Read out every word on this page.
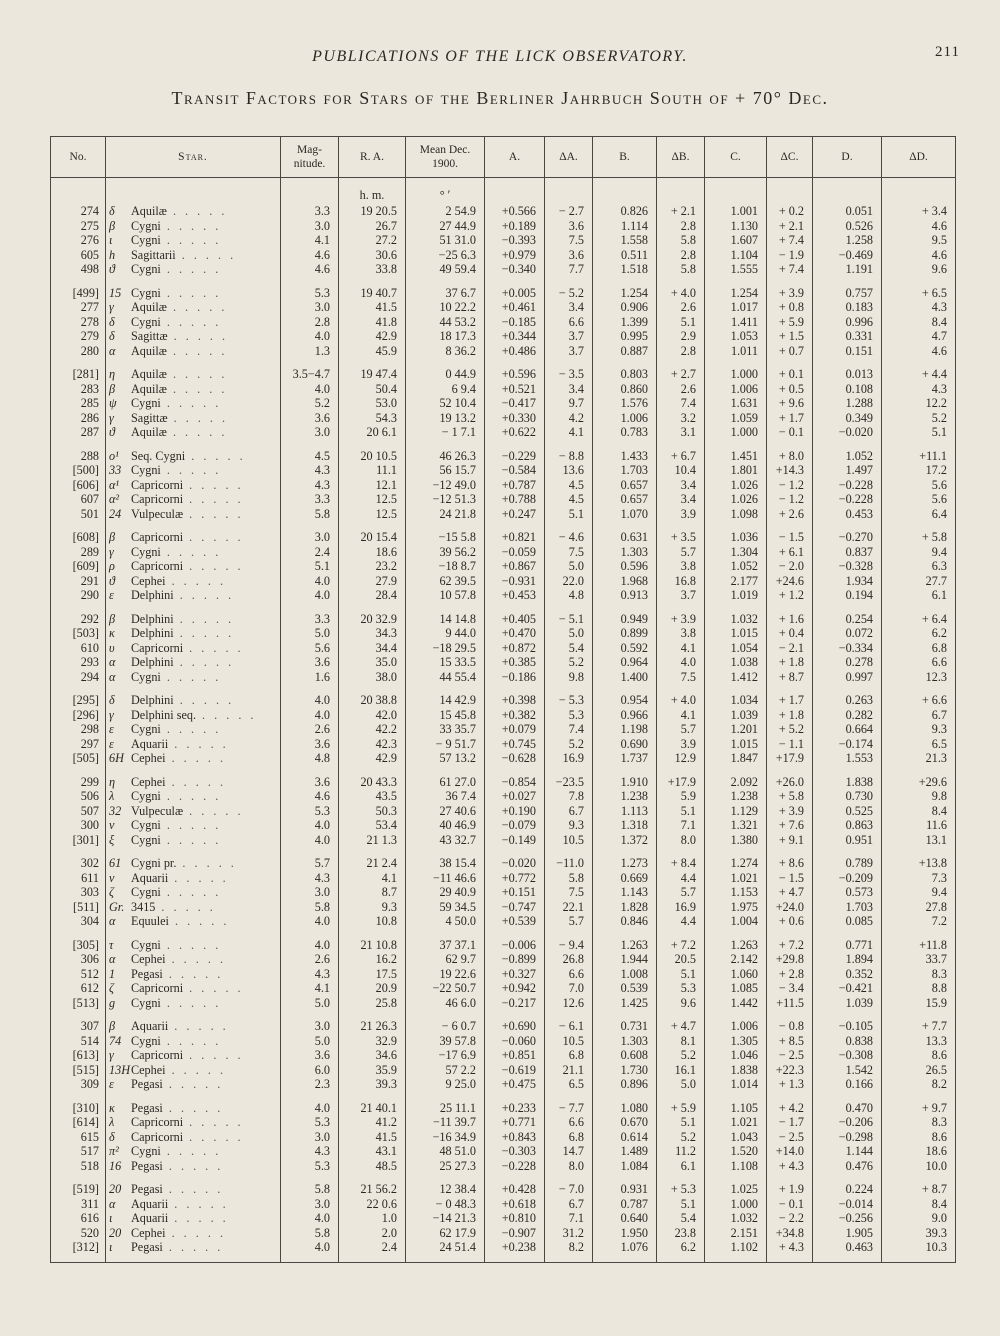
PUBLICATIONS OF THE LICK OBSERVATORY.	211
Transit Factors for Stars of the Berliner Jahrbuch South of + 70° Dec.
No.	Star.	Mag-nitude.	R. A.	Mean Dec. 1900.	A.	ΔA.	B.	ΔB.	C.	ΔC.	D.	ΔD.
			h. m.	° ′								
274	δ Aquilæ . . . . .	3.3	19 20.5	2 54.9	+0.566	− 2.7	0.826	+ 2.1	1.001	+ 0.2	0.051	+ 3.4
275	β Cygni . . . . .	3.0	26.7	27 44.9	+0.189	3.6	1.114	2.8	1.130	+ 2.1	0.526	4.6
276	ι Cygni . . . . .	4.1	27.2	51 31.0	−0.393	7.5	1.558	5.8	1.607	+ 7.4	1.258	9.5
605	h Sagittarii . . . . .	4.6	30.6	−25 6.3	+0.979	3.6	0.511	2.8	1.104	− 1.9	−0.469	4.6
498	ϑ Cygni . . . . .	4.6	33.8	49 59.4	−0.340	7.7	1.518	5.8	1.555	+ 7.4	1.191	9.6
[499]	15 Cygni . . . . .	5.3	19 40.7	37 6.7	+0.005	− 5.2	1.254	+ 4.0	1.254	+ 3.9	0.757	+ 6.5
277	γ Aquilæ . . . . .	3.0	41.5	10 22.2	+0.461	3.4	0.906	2.6	1.017	+ 0.8	0.183	4.3
278	δ Cygni . . . . .	2.8	41.8	44 53.2	−0.185	6.6	1.399	5.1	1.411	+ 5.9	0.996	8.4
279	δ Sagittæ . . . . .	4.0	42.9	18 17.3	+0.344	3.7	0.995	2.9	1.053	+ 1.5	0.331	4.7
280	α Aquilæ . . . . .	1.3	45.9	8 36.2	+0.486	3.7	0.887	2.8	1.011	+ 0.7	0.151	4.6
[281]	η Aquilæ . . . . .	3.5−4.7	19 47.4	0 44.9	+0.596	− 3.5	0.803	+ 2.7	1.000	+ 0.1	0.013	+ 4.4
283	β Aquilæ . . . . .	4.0	50.4	6 9.4	+0.521	3.4	0.860	2.6	1.006	+ 0.5	0.108	4.3
285	ψ Cygni . . . . .	5.2	53.0	52 10.4	−0.417	9.7	1.576	7.4	1.631	+ 9.6	1.288	12.2
286	γ Sagittæ . . . . .	3.6	54.3	19 13.2	+0.330	4.2	1.006	3.2	1.059	+ 1.7	0.349	5.2
287	ϑ Aquilæ . . . . .	3.0	20 6.1	− 1 7.1	+0.622	4.1	0.783	3.1	1.000	− 0.1	−0.020	5.1
288	o¹ Seq. Cygni . . . . .	4.5	20 10.5	46 26.3	−0.229	− 8.8	1.433	+ 6.7	1.451	+ 8.0	1.052	+11.1
[500]	33 Cygni . . . . .	4.3	11.1	56 15.7	−0.584	13.6	1.703	10.4	1.801	+14.3	1.497	17.2
[606]	α¹ Capricorni . . . . .	4.3	12.1	−12 49.0	+0.787	4.5	0.657	3.4	1.026	− 1.2	−0.228	5.6
607	α² Capricorni . . . . .	3.3	12.5	−12 51.3	+0.788	4.5	0.657	3.4	1.026	− 1.2	−0.228	5.6
501	24 Vulpeculæ . . . . .	5.8	12.5	24 21.8	+0.247	5.1	1.070	3.9	1.098	+ 2.6	0.453	6.4
[608]	β Capricorni . . . . .	3.0	20 15.4	−15 5.8	+0.821	− 4.6	0.631	+ 3.5	1.036	− 1.5	−0.270	+ 5.8
289	γ Cygni . . . . .	2.4	18.6	39 56.2	−0.059	7.5	1.303	5.7	1.304	+ 6.1	0.837	9.4
[609]	ρ Capricorni . . . . .	5.1	23.2	−18 8.7	+0.867	5.0	0.596	3.8	1.052	− 2.0	−0.328	6.3
291	ϑ Cephei . . . . .	4.0	27.9	62 39.5	−0.931	22.0	1.968	16.8	2.177	+24.6	1.934	27.7
290	ε Delphini . . . . .	4.0	28.4	10 57.8	+0.453	4.8	0.913	3.7	1.019	+ 1.2	0.194	6.1
292	β Delphini . . . . .	3.3	20 32.9	14 14.8	+0.405	− 5.1	0.949	+ 3.9	1.032	+ 1.6	0.254	+ 6.4
[503]	κ Delphini . . . . .	5.0	34.3	9 44.0	+0.470	5.0	0.899	3.8	1.015	+ 0.4	0.072	6.2
610	υ Capricorni . . . . .	5.6	34.4	−18 29.5	+0.872	5.4	0.592	4.1	1.054	− 2.1	−0.334	6.8
293	α Delphini . . . . .	3.6	35.0	15 33.5	+0.385	5.2	0.964	4.0	1.038	+ 1.8	0.278	6.6
294	α Cygni . . . . .	1.6	38.0	44 55.4	−0.186	9.8	1.400	7.5	1.412	+ 8.7	0.997	12.3
[295]	δ Delphini . . . . .	4.0	20 38.8	14 42.9	+0.398	− 5.3	0.954	+ 4.0	1.034	+ 1.7	0.263	+ 6.6
[296]	γ Delphini seq. . . . . .	4.0	42.0	15 45.8	+0.382	5.3	0.966	4.1	1.039	+ 1.8	0.282	6.7
298	ε Cygni . . . . .	2.6	42.2	33 35.7	+0.079	7.4	1.198	5.7	1.201	+ 5.2	0.664	9.3
297	ε Aquarii . . . . .	3.6	42.3	− 9 51.7	+0.745	5.2	0.690	3.9	1.015	− 1.1	−0.174	6.5
[505]	6H Cephei . . . . .	4.8	42.9	57 13.2	−0.628	16.9	1.737	12.9	1.847	+17.9	1.553	21.3
299	η Cephei . . . . .	3.6	20 43.3	61 27.0	−0.854	−23.5	1.910	+17.9	2.092	+26.0	1.838	+29.6
506	λ Cygni . . . . .	4.6	43.5	36 7.4	+0.027	7.8	1.238	5.9	1.238	+ 5.8	0.730	9.8
507	32 Vulpeculæ . . . . .	5.3	50.3	27 40.6	+0.190	6.7	1.113	5.1	1.129	+ 3.9	0.525	8.4
300	ν Cygni . . . . .	4.0	53.4	40 46.9	−0.079	9.3	1.318	7.1	1.321	+ 7.6	0.863	11.6
[301]	ξ Cygni . . . . .	4.0	21 1.3	43 32.7	−0.149	10.5	1.372	8.0	1.380	+ 9.1	0.951	13.1
302	61 Cygni pr. . . . . .	5.7	21 2.4	38 15.4	−0.020	−11.0	1.273	+ 8.4	1.274	+ 8.6	0.789	+13.8
611	ν Aquarii . . . . .	4.3	4.1	−11 46.6	+0.772	5.8	0.669	4.4	1.021	− 1.5	−0.209	7.3
303	ζ Cygni . . . . .	3.0	8.7	29 40.9	+0.151	7.5	1.143	5.7	1.153	+ 4.7	0.573	9.4
[511]	Gr. 3415 . . . . .	5.8	9.3	59 34.5	−0.747	22.1	1.828	16.9	1.975	+24.0	1.703	27.8
304	α Equulei . . . . .	4.0	10.8	4 50.0	+0.539	5.7	0.846	4.4	1.004	+ 0.6	0.085	7.2
[305]	τ Cygni . . . . .	4.0	21 10.8	37 37.1	−0.006	− 9.4	1.263	+ 7.2	1.263	+ 7.2	0.771	+11.8
306	α Cephei . . . . .	2.6	16.2	62 9.7	−0.899	26.8	1.944	20.5	2.142	+29.8	1.894	33.7
512	1 Pegasi . . . . .	4.3	17.5	19 22.6	+0.327	6.6	1.008	5.1	1.060	+ 2.8	0.352	8.3
612	ζ Capricorni . . . . .	4.1	20.9	−22 50.7	+0.942	7.0	0.539	5.3	1.085	− 3.4	−0.421	8.8
[513]	g Cygni . . . . .	5.0	25.8	46 6.0	−0.217	12.6	1.425	9.6	1.442	+11.5	1.039	15.9
307	β Aquarii . . . . .	3.0	21 26.3	− 6 0.7	+0.690	− 6.1	0.731	+ 4.7	1.006	− 0.8	−0.105	+ 7.7
514	74 Cygni . . . . .	5.0	32.9	39 57.8	−0.060	10.5	1.303	8.1	1.305	+ 8.5	0.838	13.3
[613]	γ Capricorni . . . . .	3.6	34.6	−17 6.9	+0.851	6.8	0.608	5.2	1.046	− 2.5	−0.308	8.6
[515]	13HCephei . . . . .	6.0	35.9	57 2.2	−0.619	21.1	1.730	16.1	1.838	+22.3	1.542	26.5
309	ε Pegasi . . . . .	2.3	39.3	9 25.0	+0.475	6.5	0.896	5.0	1.014	+ 1.3	0.166	8.2
[310]	κ Pegasi . . . . .	4.0	21 40.1	25 11.1	+0.233	− 7.7	1.080	+ 5.9	1.105	+ 4.2	0.470	+ 9.7
[614]	λ Capricorni . . . . .	5.3	41.2	−11 39.7	+0.771	6.6	0.670	5.1	1.021	− 1.7	−0.206	8.3
615	δ Capricorni . . . . .	3.0	41.5	−16 34.9	+0.843	6.8	0.614	5.2	1.043	− 2.5	−0.298	8.6
517	π² Cygni . . . . .	4.3	43.1	48 51.0	−0.303	14.7	1.489	11.2	1.520	+14.0	1.144	18.6
518	16 Pegasi . . . . .	5.3	48.5	25 27.3	−0.228	8.0	1.084	6.1	1.108	+ 4.3	0.476	10.0
[519]	20 Pegasi . . . . .	5.8	21 56.2	12 38.4	+0.428	− 7.0	0.931	+ 5.3	1.025	+ 1.9	0.224	+ 8.7
311	α Aquarii . . . . .	3.0	22 0.6	− 0 48.3	+0.618	6.7	0.787	5.1	1.000	− 0.1	−0.014	8.4
616	ι Aquarii . . . . .	4.0	1.0	−14 21.3	+0.810	7.1	0.640	5.4	1.032	− 2.2	−0.256	9.0
520	20 Cephei . . . . .	5.8	2.0	62 17.9	−0.907	31.2	1.950	23.8	2.151	+34.8	1.905	39.3
[312]	ι Pegasi . . . . .	4.0	2.4	24 51.4	+0.238	8.2	1.076	6.2	1.102	+ 4.3	0.463	10.3
